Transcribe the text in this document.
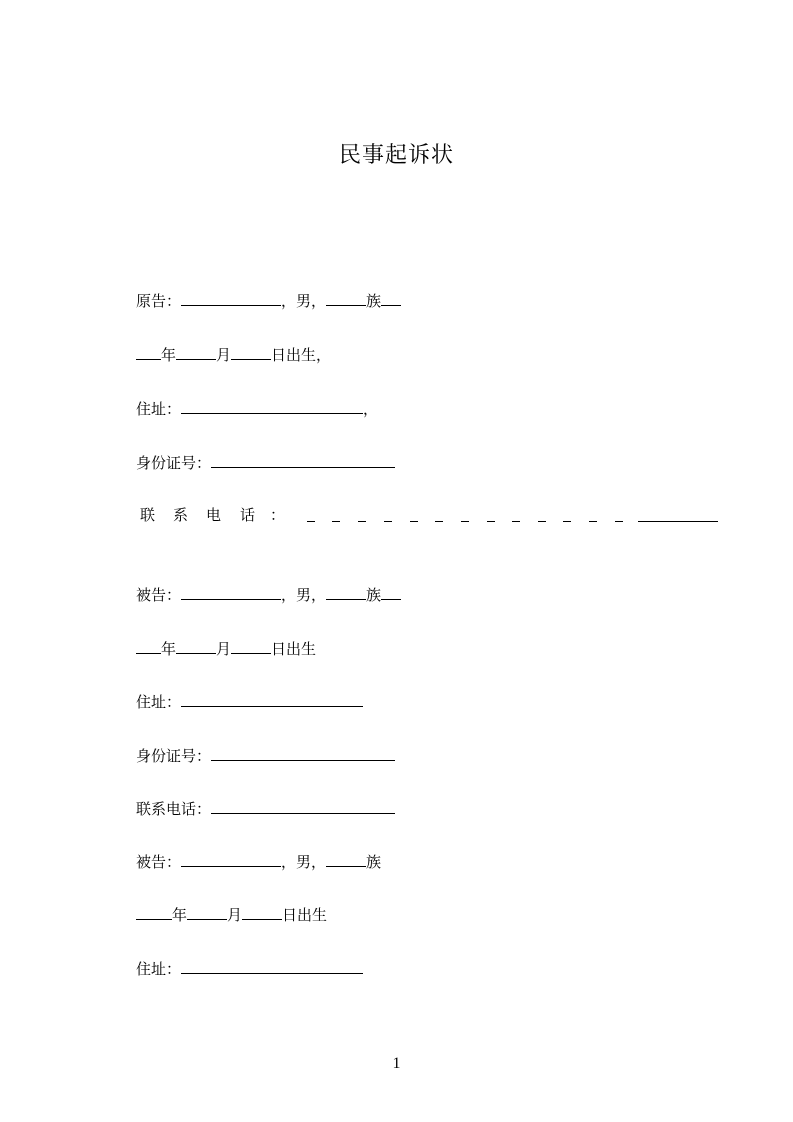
民事起诉状
原告：	，男，	族
年	月	日出生，
住址：	，
身份证号：
联 系 电 话 ：
被告：	，男，	族
年	月	日出生
住址：
身份证号：
联系电话：
被告：	，男，	族
年	月	日出生
住址：
1
